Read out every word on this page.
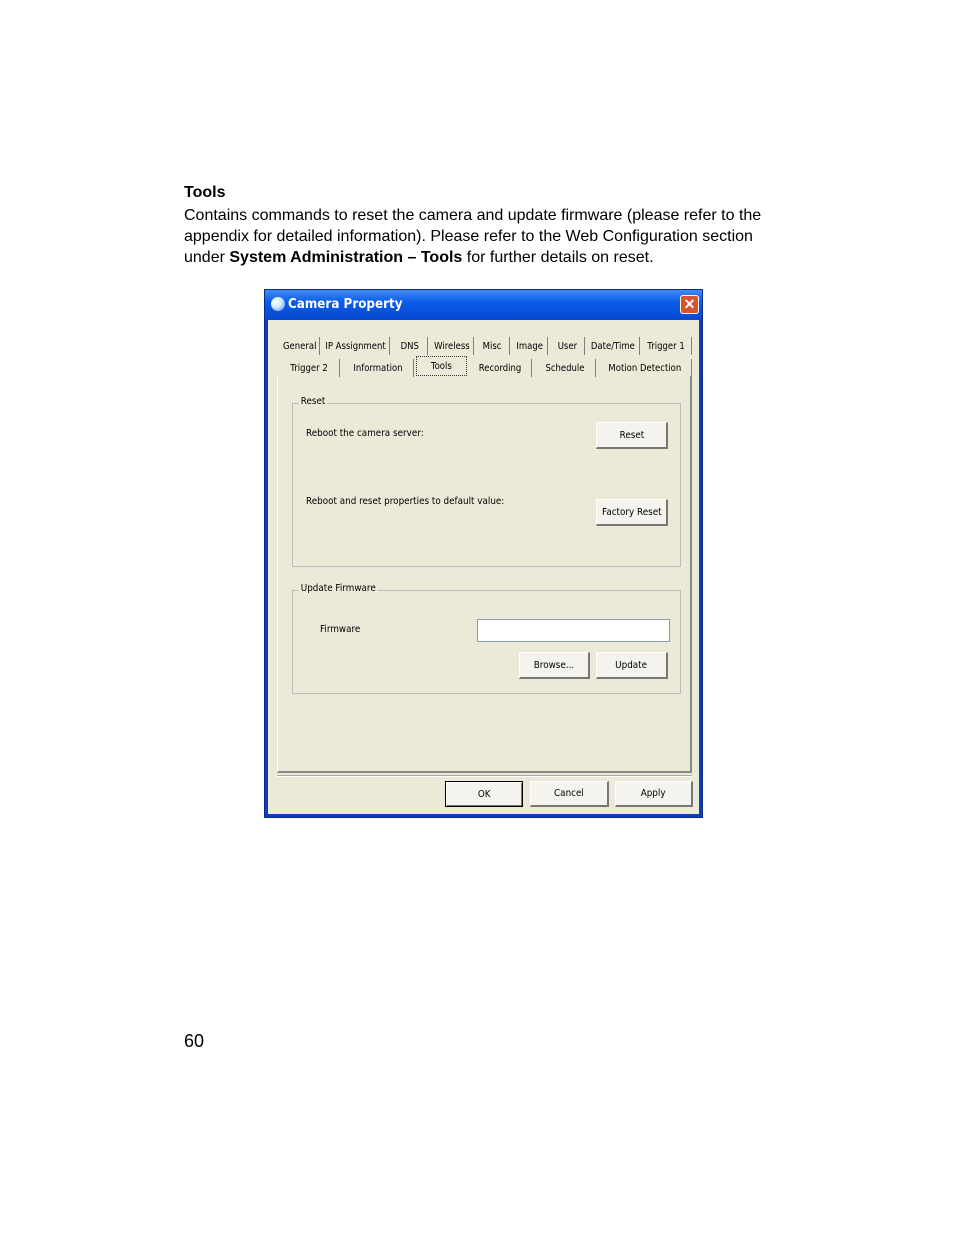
Tools
Contains commands to reset the camera and update firmware (please refer to the appendix for detailed information). Please refer to the Web Configuration section under System Administration – Tools for further details on reset.
Camera Property	✕
General IP Assignment DNS Wireless Misc Image User Date/Time Trigger 1
Trigger 2 Information	Tools	Recording Schedule Motion Detection
Reset
Reboot the camera server:	Reset
Reboot and reset properties to default value:
Factory Reset
Update Firmware
Firmware
Browse...	Update
OK	Cancel	Apply
60
